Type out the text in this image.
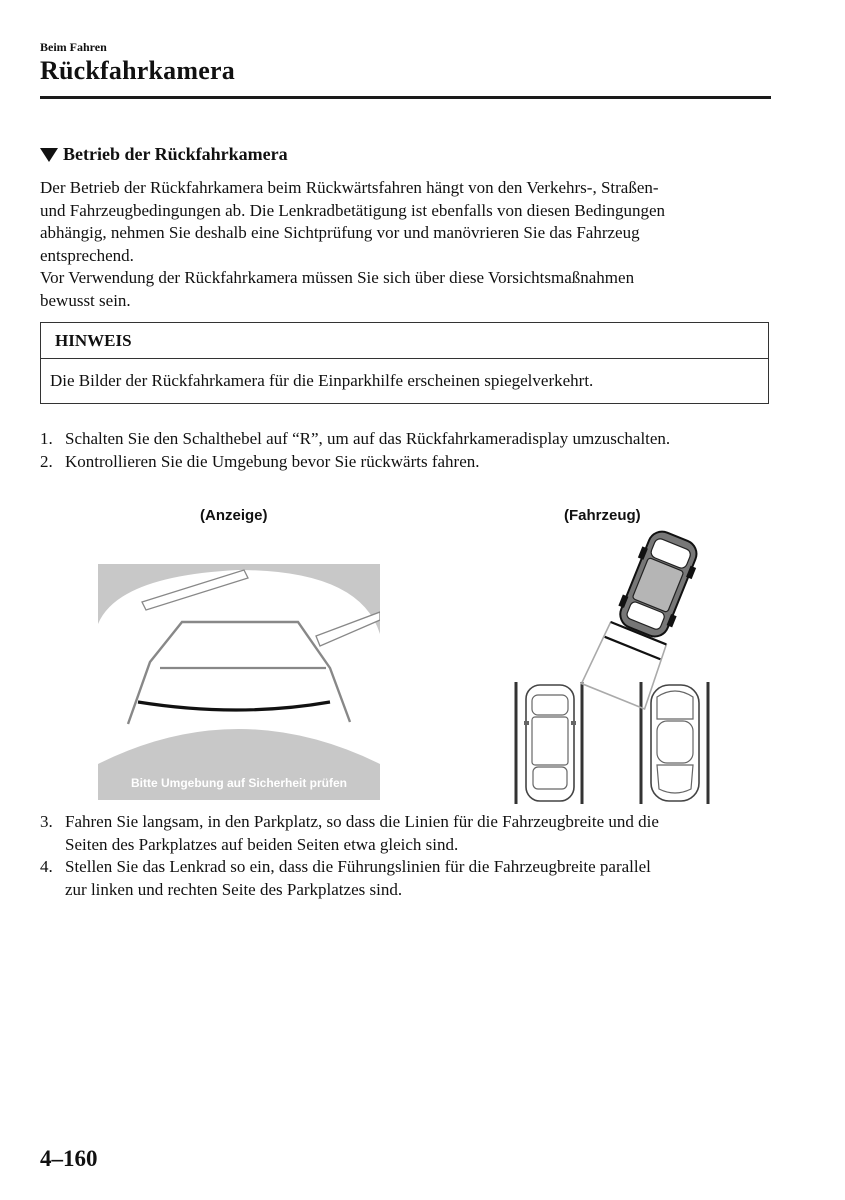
Beim Fahren
Rückfahrkamera
Betrieb der Rückfahrkamera
Der Betrieb der Rückfahrkamera beim Rückwärtsfahren hängt von den Verkehrs-, Straßen-
und Fahrzeugbedingungen ab. Die Lenkradbetätigung ist ebenfalls von diesen Bedingungen
abhängig, nehmen Sie deshalb eine Sichtprüfung vor und manövrieren Sie das Fahrzeug
entsprechend.
Vor Verwendung der Rückfahrkamera müssen Sie sich über diese Vorsichtsmaßnahmen
bewusst sein.
HINWEIS
Die Bilder der Rückfahrkamera für die Einparkhilfe erscheinen spiegelverkehrt.
1. Schalten Sie den Schalthebel auf “R”, um auf das Rückfahrkameradisplay umzuschalten.
2. Kontrollieren Sie die Umgebung bevor Sie rückwärts fahren.
(Anzeige)	(Fahrzeug)
Bitte Umgebung auf Sicherheit prüfen
3. Fahren Sie langsam, in den Parkplatz, so dass die Linien für die Fahrzeugbreite und die
Seiten des Parkplatzes auf beiden Seiten etwa gleich sind.
4. Stellen Sie das Lenkrad so ein, dass die Führungslinien für die Fahrzeugbreite parallel
zur linken und rechten Seite des Parkplatzes sind.
4–160
